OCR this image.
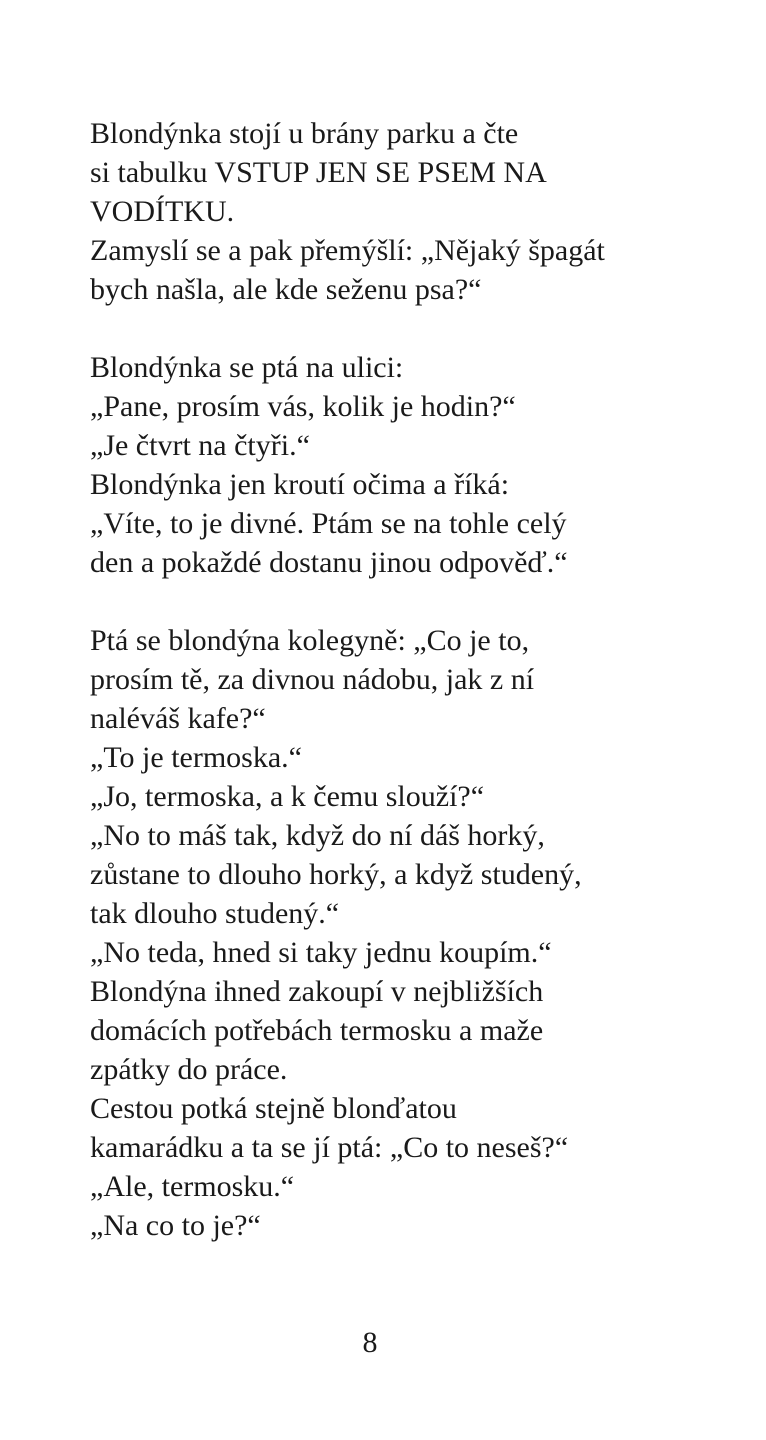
Blondýnka stojí u brány parku a čte
si tabulku VSTUP JEN SE PSEM NA
VODÍTKU.
Zamyslí se a pak přemýšlí: „Nějaký špagát
bych našla, ale kde seženu psa?“
Blondýnka se ptá na ulici:
„Pane, prosím vás, kolik je hodin?“
„Je čtvrt na čtyři.“
Blondýnka jen kroutí očima a říká:
„Víte, to je divné. Ptám se na tohle celý
den a pokaždé dostanu jinou odpověď.“
Ptá se blondýna kolegyně: „Co je to,
prosím tě, za divnou nádobu, jak z ní
naléváš kafe?“
„To je termoska.“
„Jo, termoska, a k čemu slouží?“
„No to máš tak, když do ní dáš horký,
zůstane to dlouho horký, a když studený,
tak dlouho studený.“
„No teda, hned si taky jednu koupím.“
Blondýna ihned zakoupí v nejbližších
domácích potřebách termosku a maže
zpátky do práce.
Cestou potká stejně blonďatou
kamarádku a ta se jí ptá: „Co to neseš?“
„Ale, termosku.“
„Na co to je?“
8
